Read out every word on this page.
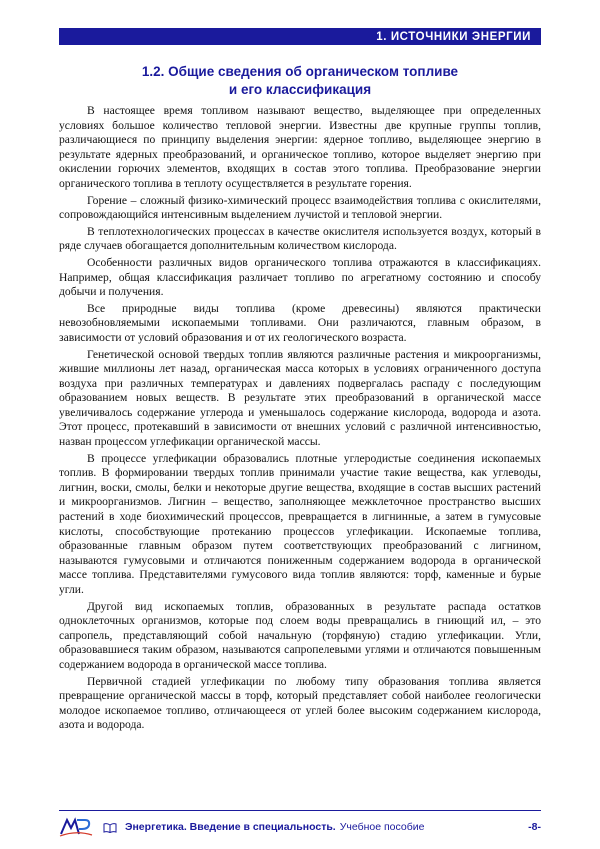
1. ИСТОЧНИКИ ЭНЕРГИИ
1.2. Общие сведения об органическом топливе
и его классификация

В настоящее время топливом называют вещество, выделяющее при определенных условиях большое количество тепловой энергии. Известны две крупные группы топлив, различающиеся по принципу выделения энергии: ядерное топливо, выделяющее энергию в результате ядерных преобразований, и органическое топливо, которое выделяет энергию при окислении горючих элементов, входящих в состав этого топлива. Преобразование энергии органического топлива в теплоту осуществляется в результате горения.

Горение – сложный физико-химический процесс взаимодействия топлива с окислителями, сопровождающийся интенсивным выделением лучистой и тепловой энергии.

В теплотехнологических процессах в качестве окислителя используется воздух, который в ряде случаев обогащается дополнительным количеством кислорода.

Особенности различных видов органического топлива отражаются в классификациях. Например, общая классификация различает топливо по агрегатному состоянию и способу добычи и получения.

Все природные виды топлива (кроме древесины) являются практически невозобновляемыми ископаемыми топливами. Они различаются, главным образом, в зависимости от условий образования и от их геологического возраста.

Генетической основой твердых топлив являются различные растения и микроорганизмы, жившие миллионы лет назад, органическая масса которых в условиях ограниченного доступа воздуха при различных температурах и давлениях подвергалась распаду с последующим образованием новых веществ. В результате этих преобразований в органической массе увеличивалось содержание углерода и уменьшалось содержание кислорода, водорода и азота. Этот процесс, протекавший в зависимости от внешних условий с различной интенсивностью, назван процессом углефикации органической массы.

В процессе углефикации образовались плотные углеродистые соединения ископаемых топлив. В формировании твердых топлив принимали участие такие вещества, как углеводы, лигнин, воски, смолы, белки и некоторые другие вещества, входящие в состав высших растений и микроорганизмов. Лигнин – вещество, заполняющее межклеточное пространство высших растений в ходе биохимический процессов, превращается в лигнинные, а затем в гумусовые кислоты, способствующие протеканию процессов углефикации. Ископаемые топлива, образованные главным образом путем соответствующих преобразований с лигнином, называются гумусовыми и отличаются пониженным содержанием водорода в органической массе топлива. Представителями гумусового вида топлив являются: торф, каменные и бурые угли.

Другой вид ископаемых топлив, образованных в результате распада остатков одноклеточных организмов, которые под слоем воды превращались в гниющий ил, – это сапропель, представляющий собой начальную (торфяную) стадию углефикации. Угли, образовавшиеся таким образом, называются сапропелевыми углями и отличаются повышенным содержанием водорода в органической массе топлива.

Первичной стадией углефикации по любому типу образования топлива является превращение органической массы в торф, который представляет собой наиболее геологически молодое ископаемое топливо, отличающееся от углей более высоким содержанием кислорода, азота и водорода.

Энергетика. Введение в специальность. Учебное пособие	-8-
